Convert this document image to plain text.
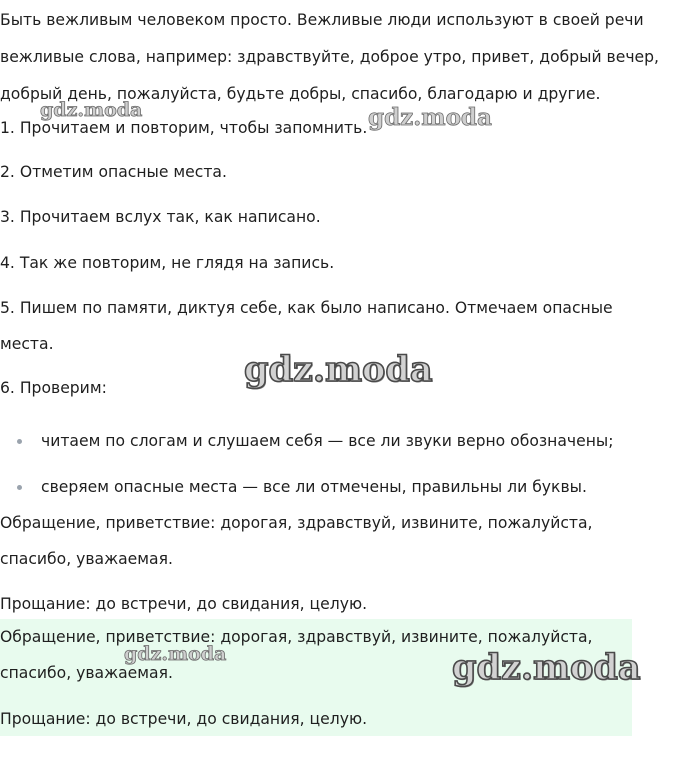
Быть вежливым человеком просто. Вежливые люди используют в своей речи
вежливые слова, например: здравствуйте, доброе утро, привет, добрый вечер,
добрый день, пожалуйста, будьте добры, спасибо, благодарю и другие.

1. Прочитаем и повторим, чтобы запомнить.

2. Отметим опасные места.

3. Прочитаем вслух так, как написано.

4. Так же повторим, не глядя на запись.

5. Пишем по памяти, диктуя себе, как было написано. Отмечаем опасные
места.

6. Проверим:

читаем по слогам и слушаем себя — все ли звуки верно обозначены;
сверяем опасные места — все ли отмечены, правильны ли буквы.
Обращение, приветствие: дорогая, здравствуй, извините, пожалуйста,
спасибо, уважаемая.

Прощание: до встречи, до свидания, целую.

Обращение, приветствие: дорогая, здравствуй, извините, пожалуйста,
спасибо, уважаемая.

Прощание: до встречи, до свидания, целую.

gdz.moda	gdz.moda
gdz.moda
gdz.moda	gdz.moda
